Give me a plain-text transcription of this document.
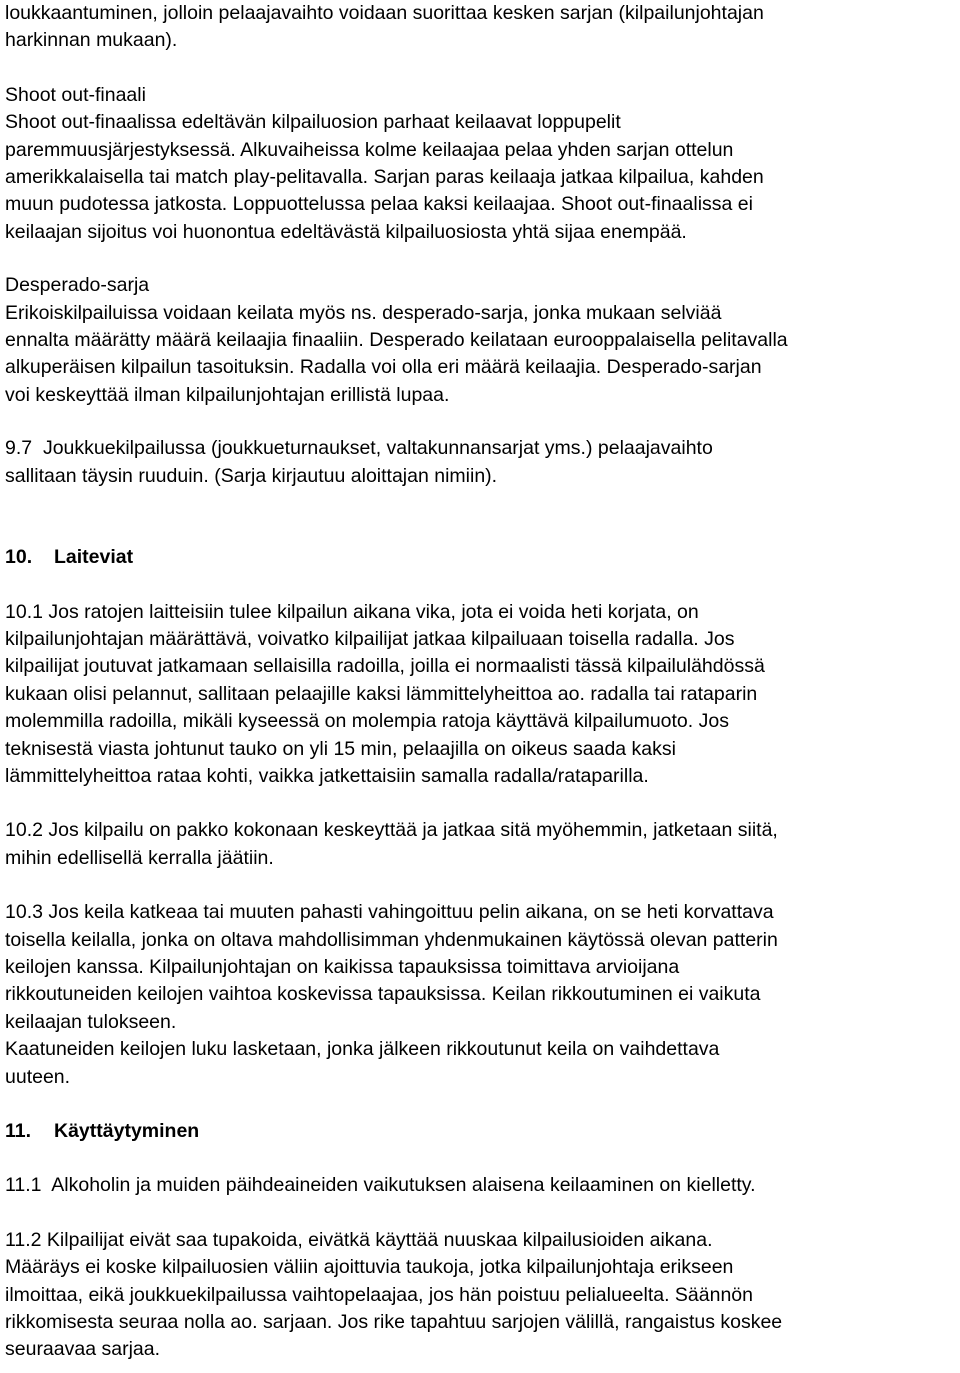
loukkaantuminen, jolloin pelaajavaihto voidaan suorittaa kesken sarjan (kilpailunjohtajan
harkinnan mukaan).

Shoot out-finaali
Shoot out-finaalissa edeltävän kilpailuosion parhaat keilaavat loppupelit
paremmuusjärjestyksessä. Alkuvaiheissa kolme keilaajaa pelaa yhden sarjan ottelun
amerikkalaisella tai match play-pelitavalla. Sarjan paras keilaaja jatkaa kilpailua, kahden
muun pudotessa jatkosta. Loppuottelussa pelaa kaksi keilaajaa. Shoot out-finaalissa ei
keilaajan sijoitus voi huonontua edeltävästä kilpailuosiosta yhtä sijaa enempää.

Desperado-sarja
Erikoiskilpailuissa voidaan keilata myös ns. desperado-sarja, jonka mukaan selviää
ennalta määrätty määrä keilaajia finaaliin. Desperado keilataan eurooppalaisella pelitavalla
alkuperäisen kilpailun tasoituksin. Radalla voi olla eri määrä keilaajia. Desperado-sarjan
voi keskeyttää ilman kilpailunjohtajan erillistä lupaa.

9.7  Joukkuekilpailussa (joukkueturnaukset, valtakunnansarjat yms.) pelaajavaihto
sallitaan täysin ruuduin. (Sarja kirjautuu aloittajan nimiin).

10. Laiteviat

10.1 Jos ratojen laitteisiin tulee kilpailun aikana vika, jota ei voida heti korjata, on
kilpailunjohtajan määrättävä, voivatko kilpailijat jatkaa kilpailuaan toisella radalla. Jos
kilpailijat joutuvat jatkamaan sellaisilla radoilla, joilla ei normaalisti tässä kilpailulähdössä
kukaan olisi pelannut, sallitaan pelaajille kaksi lämmittelyheittoa ao. radalla tai rataparin
molemmilla radoilla, mikäli kyseessä on molempia ratoja käyttävä kilpailumuoto. Jos
teknisestä viasta johtunut tauko on yli 15 min, pelaajilla on oikeus saada kaksi
lämmittelyheittoa rataa kohti, vaikka jatkettaisiin samalla radalla/rataparilla.

10.2 Jos kilpailu on pakko kokonaan keskeyttää ja jatkaa sitä myöhemmin, jatketaan siitä,
mihin edellisellä kerralla jäätiin.

10.3 Jos keila katkeaa tai muuten pahasti vahingoittuu pelin aikana, on se heti korvattava
toisella keilalla, jonka on oltava mahdollisimman yhdenmukainen käytössä olevan patterin
keilojen kanssa. Kilpailunjohtajan on kaikissa tapauksissa toimittava arvioijana
rikkoutuneiden keilojen vaihtoa koskevissa tapauksissa. Keilan rikkoutuminen ei vaikuta
keilaajan tulokseen.
Kaatuneiden keilojen luku lasketaan, jonka jälkeen rikkoutunut keila on vaihdettava
uuteen.

11. Käyttäytyminen

11.1  Alkoholin ja muiden päihdeaineiden vaikutuksen alaisena keilaaminen on kielletty.

11.2 Kilpailijat eivät saa tupakoida, eivätkä käyttää nuuskaa kilpailusioiden aikana.
Määräys ei koske kilpailuosien väliin ajoittuvia taukoja, jotka kilpailunjohtaja erikseen
ilmoittaa, eikä joukkuekilpailussa vaihtopelaajaa, jos hän poistuu pelialueelta. Säännön
rikkomisesta seuraa nolla ao. sarjaan. Jos rike tapahtuu sarjojen välillä, rangaistus koskee
seuraavaa sarjaa.
